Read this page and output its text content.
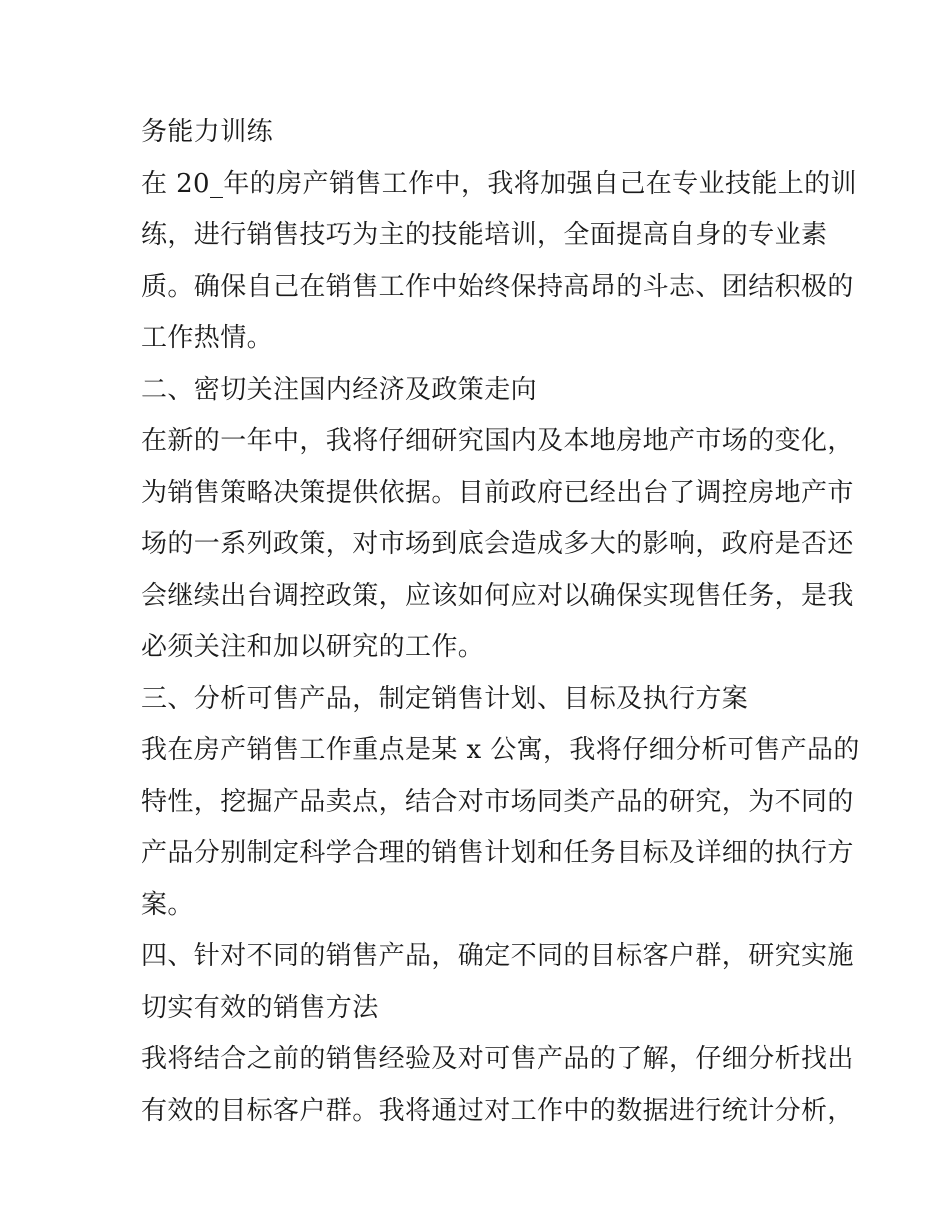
务能力训练
在 20_年的房产销售工作中，我将加强自己在专业技能上的训
练，进行销售技巧为主的技能培训，全面提高自身的专业素
质。确保自己在销售工作中始终保持高昂的斗志、团结积极的
工作热情。
二、密切关注国内经济及政策走向
在新的一年中，我将仔细研究国内及本地房地产市场的变化，
为销售策略决策提供依据。目前政府已经出台了调控房地产市
场的一系列政策，对市场到底会造成多大的影响，政府是否还
会继续出台调控政策，应该如何应对以确保实现售任务，是我
必须关注和加以研究的工作。
三、分析可售产品，制定销售计划、目标及执行方案
我在房产销售工作重点是某 x 公寓，我将仔细分析可售产品的
特性，挖掘产品卖点，结合对市场同类产品的研究，为不同的
产品分别制定科学合理的销售计划和任务目标及详细的执行方
案。
四、针对不同的销售产品，确定不同的目标客户群，研究实施
切实有效的销售方法
我将结合之前的销售经验及对可售产品的了解，仔细分析找出
有效的目标客户群。我将通过对工作中的数据进行统计分析，
